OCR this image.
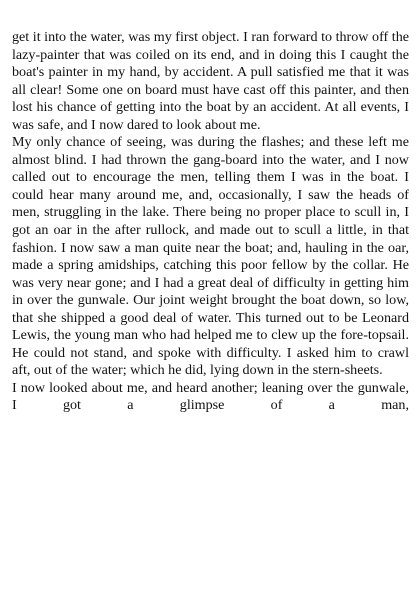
get it into the water, was my first object. I ran forward to throw off the lazy-painter that was coiled on its end, and in doing this I caught the boat's painter in my hand, by accident. A pull satisfied me that it was all clear! Some one on board must have cast off this painter, and then lost his chance of getting into the boat by an accident. At all events, I was safe, and I now dared to look about me.

My only chance of seeing, was during the flashes; and these left me almost blind. I had thrown the gang-board into the water, and I now called out to encourage the men, telling them I was in the boat. I could hear many around me, and, occasionally, I saw the heads of men, struggling in the lake. There being no proper place to scull in, I got an oar in the after rullock, and made out to scull a little, in that fashion. I now saw a man quite near the boat; and, hauling in the oar, made a spring amidships, catching this poor fellow by the collar. He was very near gone; and I had a great deal of difficulty in getting him in over the gunwale. Our joint weight brought the boat down, so low, that she shipped a good deal of water. This turned out to be Leonard Lewis, the young man who had helped me to clew up the fore-topsail. He could not stand, and spoke with difficulty. I asked him to crawl aft, out of the water; which he did, lying down in the stern-sheets.

I now looked about me, and heard another; leaning over the gunwale, I got a glimpse of a man,
